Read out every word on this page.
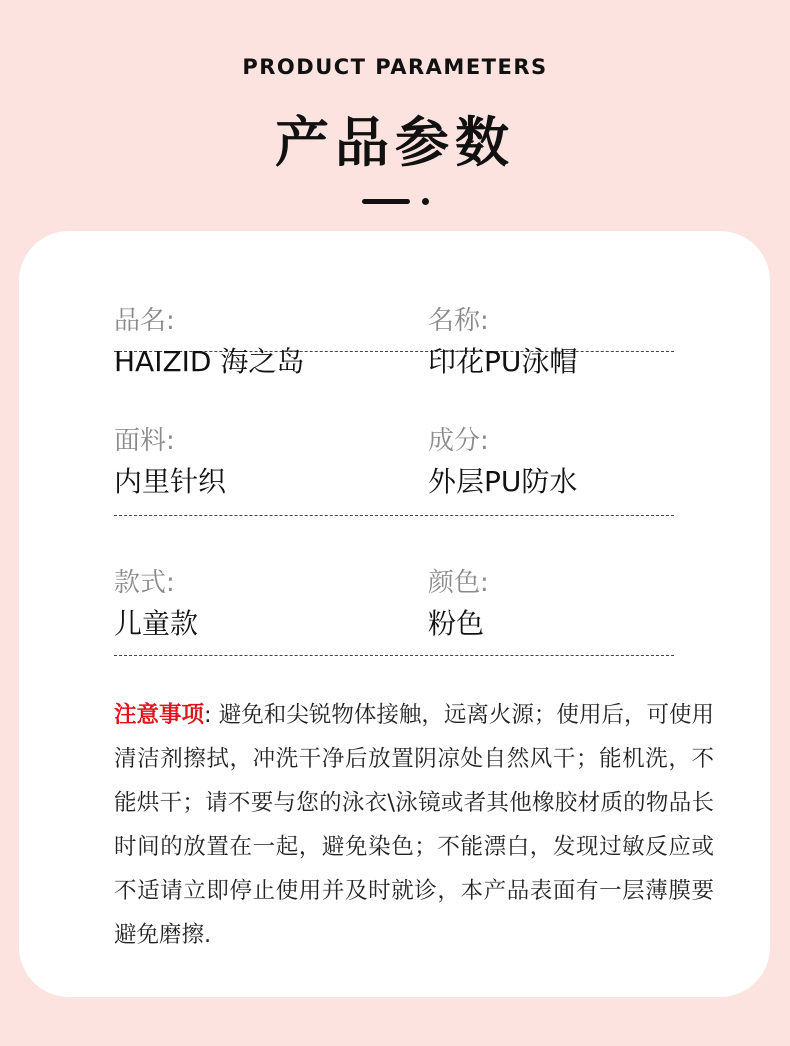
PRODUCT PARAMETERS
产品参数
品名:
HAIZID 海之岛
名称:
印花PU泳帽
面料:
内里针织
成分:
外层PU防水
款式:
儿童款
颜色:
粉色
注意事项: 避免和尖锐物体接触，远离火源；使用后，可使用清洁剂擦拭，冲洗干净后放置阴凉处自然风干；能机洗，不能烘干；请不要与您的泳衣\泳镜或者其他橡胶材质的物品长时间的放置在一起，避免染色；不能漂白，发现过敏反应或不适请立即停止使用并及时就诊，本产品表面有一层薄膜要避免磨擦.
